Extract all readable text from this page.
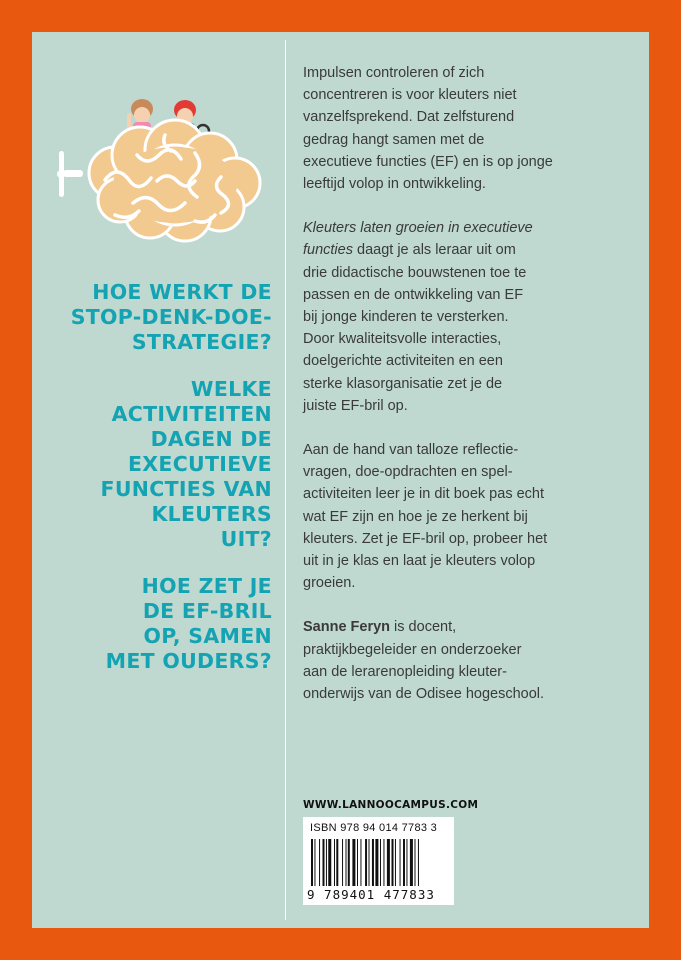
HOE WERKT DE
STOP-DENK-DOE-
STRATEGIE?
WELKE
ACTIVITEITEN
DAGEN DE
EXECUTIEVE
FUNCTIES VAN
KLEUTERS
UIT?
HOE ZET JE
DE EF-BRIL
OP, SAMEN
MET OUDERS?

Impulsen controleren of zich
concentreren is voor kleuters niet
vanzelfsprekend. Dat zelfsturend
gedrag hangt samen met de
executieve functies (EF) en is op jonge
leeftijd volop in ontwikkeling.

Kleuters laten groeien in executieve
functies daagt je als leraar uit om
drie didactische bouwstenen toe te
passen en de ontwikkeling van EF
bij jonge kinderen te versterken.
Door kwaliteitsvolle interacties,
doelgerichte activiteiten en een
sterke klasorganisatie zet je de
juiste EF-bril op.

Aan de hand van talloze reflectie-
vragen, doe-opdrachten en spel-
activiteiten leer je in dit boek pas echt
wat EF zijn en hoe je ze herkent bij
kleuters. Zet je EF-bril op, probeer het
uit in je klas en laat je kleuters volop
groeien.

Sanne Feryn is docent,
praktijkbegeleider en onderzoeker
aan de lerarenopleiding kleuter-
onderwijs van de Odisee hogeschool.

WWW.LANNOOCAMPUS.COM
ISBN 978 94 014 7783 3
9 789401 477833
